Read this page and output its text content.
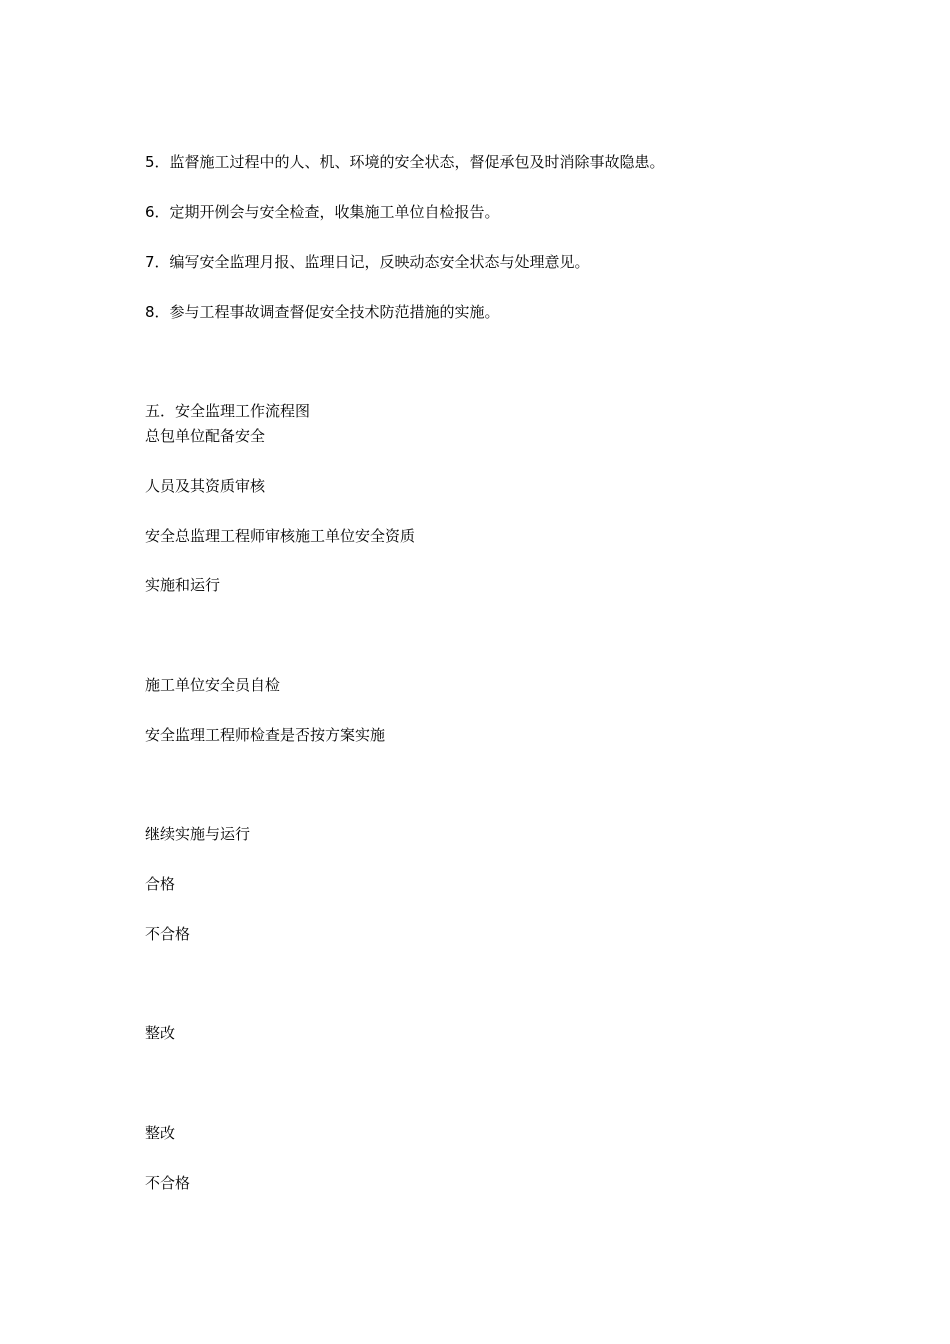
5．监督施工过程中的人、机、环境的安全状态，督促承包及时消除事故隐患。
6．定期开例会与安全检查，收集施工单位自检报告。
7．编写安全监理月报、监理日记，反映动态安全状态与处理意见。
8．参与工程事故调查督促安全技术防范措施的实施。
五．安全监理工作流程图
总包单位配备安全
人员及其资质审核
安全总监理工程师审核施工单位安全资质
实施和运行
施工单位安全员自检
安全监理工程师检查是否按方案实施
继续实施与运行
合格
不合格
整改
整改
不合格
